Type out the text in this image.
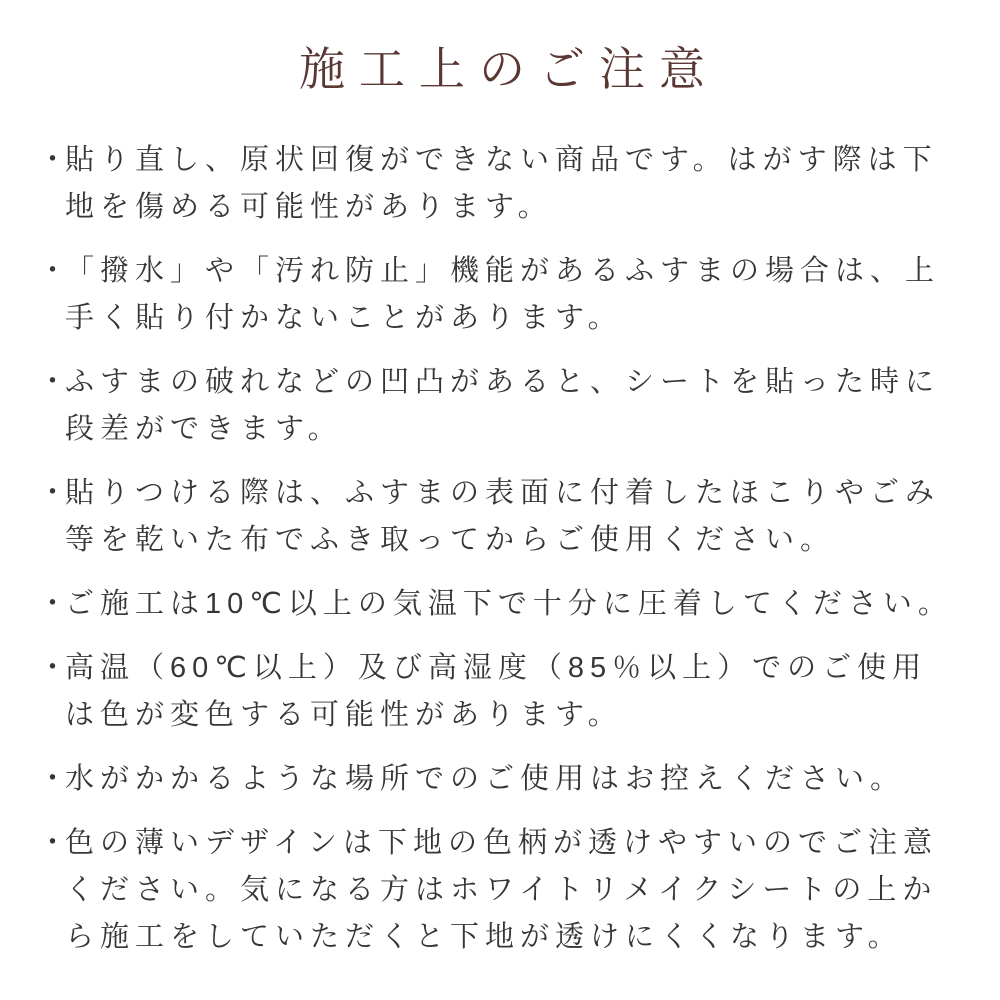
施工上のご注意
・
貼り直し、原状回復ができない商品です。はがす際は下地を傷める可能性があります。
・
「撥水」や「汚れ防止」機能があるふすまの場合は、上手く貼り付かないことがあります。
・
ふすまの破れなどの凹凸があると、シートを貼った時に段差ができます。
・
貼りつける際は、ふすまの表面に付着したほこりやごみ等を乾いた布でふき取ってからご使用ください。
・
ご施工は10℃以上の気温下で十分に圧着してください。
・
高温（60℃以上）及び高湿度（85％以上）でのご使用は色が変色する可能性があります。
・
水がかかるような場所でのご使用はお控えください。
・
色の薄いデザインは下地の色柄が透けやすいのでご注意ください。気になる方はホワイトリメイクシートの上から施工をしていただくと下地が透けにくくなります。
